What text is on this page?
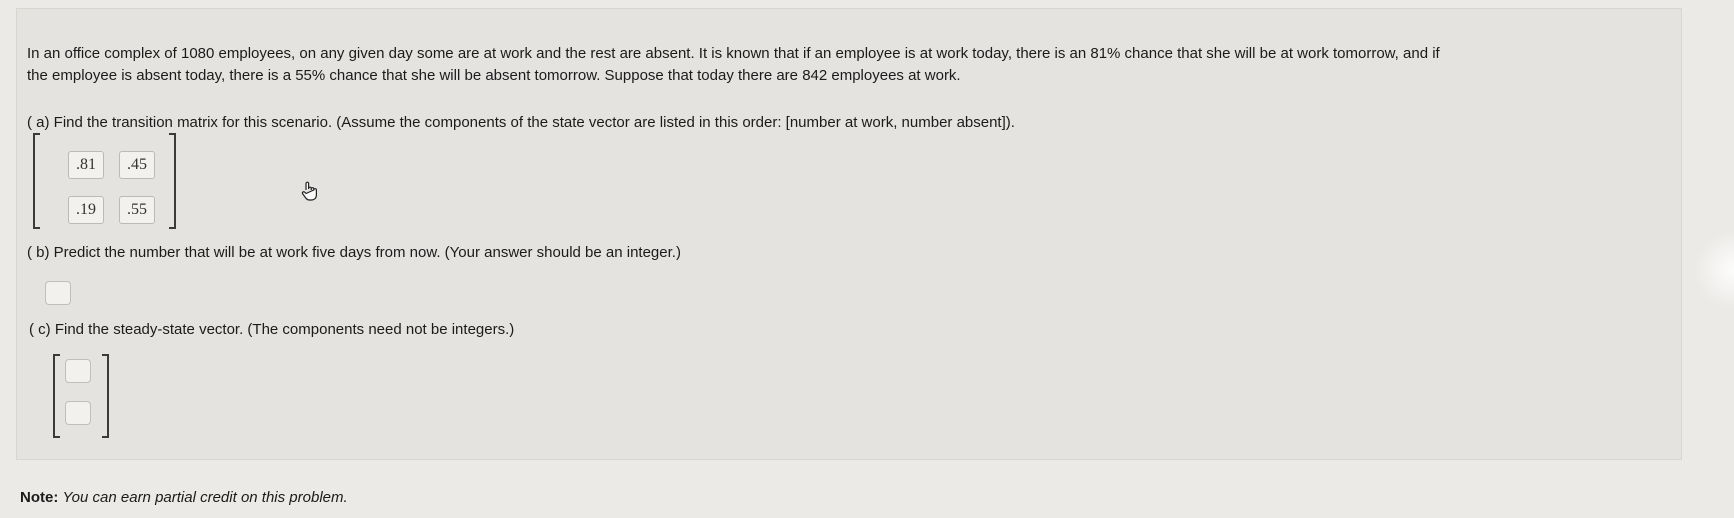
In an office complex of 1080 employees, on any given day some are at work and the rest are absent. It is known that if an employee is at work today, there is an 81% chance that she will be at work tomorrow, and if
the employee is absent today, there is a 55% chance that she will be absent tomorrow. Suppose that today there are 842 employees at work.

( a) Find the transition matrix for this scenario. (Assume the components of the state vector are listed in this order: [number at work, number absent]).

.81	.45
.19	.55

( b) Predict the number that will be at work five days from now. (Your answer should be an integer.)

( c) Find the steady-state vector. (The components need not be integers.)

Note: You can earn partial credit on this problem.
